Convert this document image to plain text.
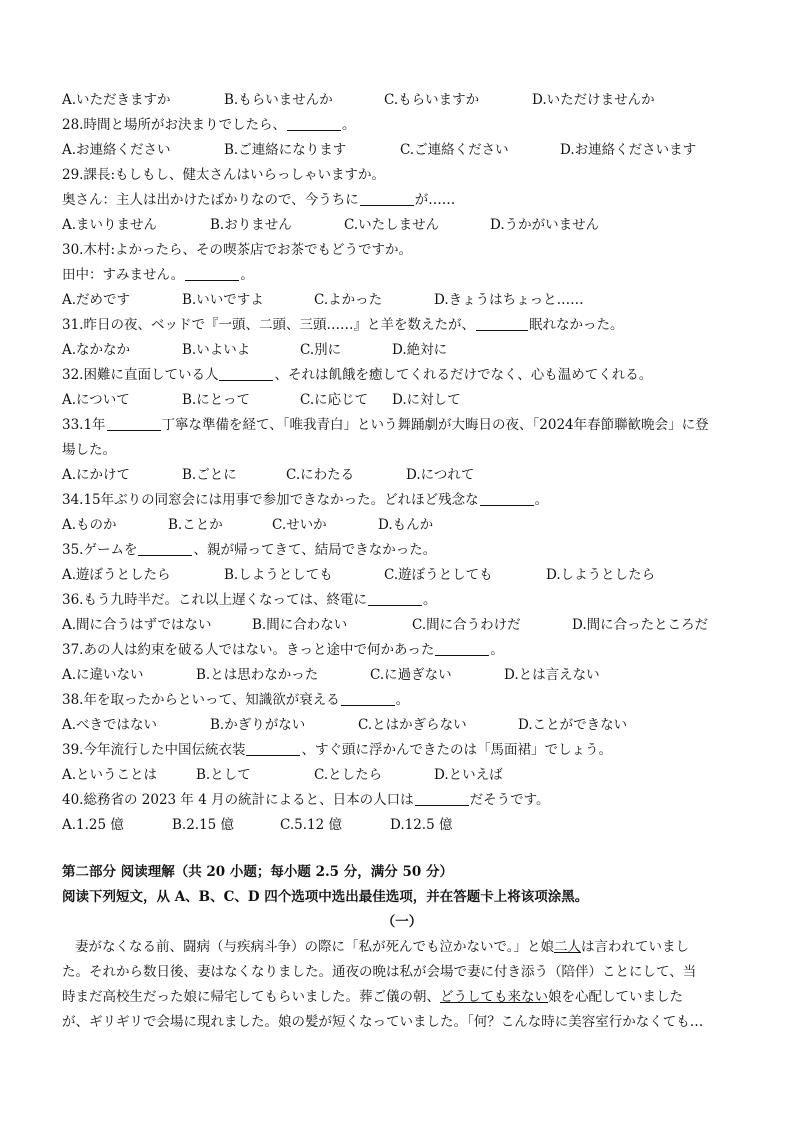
A.いただきますか	B.もらいませんか	C.もらいますか	D.いただけませんか
28.時間と場所がお決まりでしたら、	。
A.お連絡ください	B.ご連絡になります	C.ご連絡ください	D.お連絡くださいます
29.課長:もしもし、健太さんはいらっしゃいますか。
奥さん：主人は出かけたばかりなので、今うちに	が……
A.まいりません	B.おりません	C.いたしません	D.うかがいません
30.木村:よかったら、その喫茶店でお茶でもどうですか。
田中：すみません。	。
A.だめです	B.いいですよ	C.よかった	D.きょうはちょっと……
31.昨日の夜、ベッドで『一頭、二頭、三頭……』と羊を数えたが、	眠れなかった。
A.なかなか	B.いよいよ	C.別に	D.絶対に
32.困難に直面している人	、それは飢餓を癒してくれるだけでなく、心も温めてくれる。
A.について	B.にとって	C.に応じて D.に対して
33.1年	丁寧な準備を経て、「唯我青白」という舞踊劇が大晦日の夜、「2024年春節聯歓晩会」に登
場した。
A.にかけて	B.ごとに	C.にわたる	D.につれて
34.15年ぶりの同窓会には用事で参加できなかった。どれほど残念な	。
A.ものか	B.ことか	C.せいか	D.もんか
35.ゲームを	、親が帰ってきて、結局できなかった。
A.遊ぼうとしたら	B.しようとしても	C.遊ぼうとしても	D.しようとしたら
36.もう九時半だ。これ以上遅くなっては、終電に	。
A.間に合うはずではない	B.間に合わない	C.間に合うわけだ	D.間に合ったところだ
37.あの人は約束を破る人ではない。きっと途中で何かあった	。
A.に違いない	B.とは思わなかった	C.に過ぎない	D.とは言えない
38.年を取ったからといって、知識欲が衰える	。
A.べきではない	B.かぎりがない	C.とはかぎらない	D.ことができない
39.今年流行した中国伝統衣装	、すぐ頭に浮かんできたのは「馬面裙」でしょう。
A.ということは	B.として	C.としたら	D.といえば
40.総務省の 2023 年 4 月の統計によると、日本の人口は	だそうです。
A.1.25 億	B.2.15 億	C.5.12 億	D.12.5 億
第二部分 阅读理解（共 20 小题；每小题 2.5 分，满分 50 分）
阅读下列短文，从 A、B、C、D 四个选项中选出最佳选项，并在答题卡上将该项涂黑。
（一）
妻がなくなる前、闘病（与疾病斗争）の際に「私が死んでも泣かないで。」と娘二人は言われていまし
た。それから数日後、妻はなくなりました。通夜の晩は私が会場で妻に付き添う（陪伴）ことにして、当
時まだ高校生だった娘に帰宅してもらいました。葬ご儀の朝、どうしても来ない娘を心配していました
が、ギリギリで会場に現れました。娘の髪が短くなっていました。「何？こんな時に美容室行かなくても…
